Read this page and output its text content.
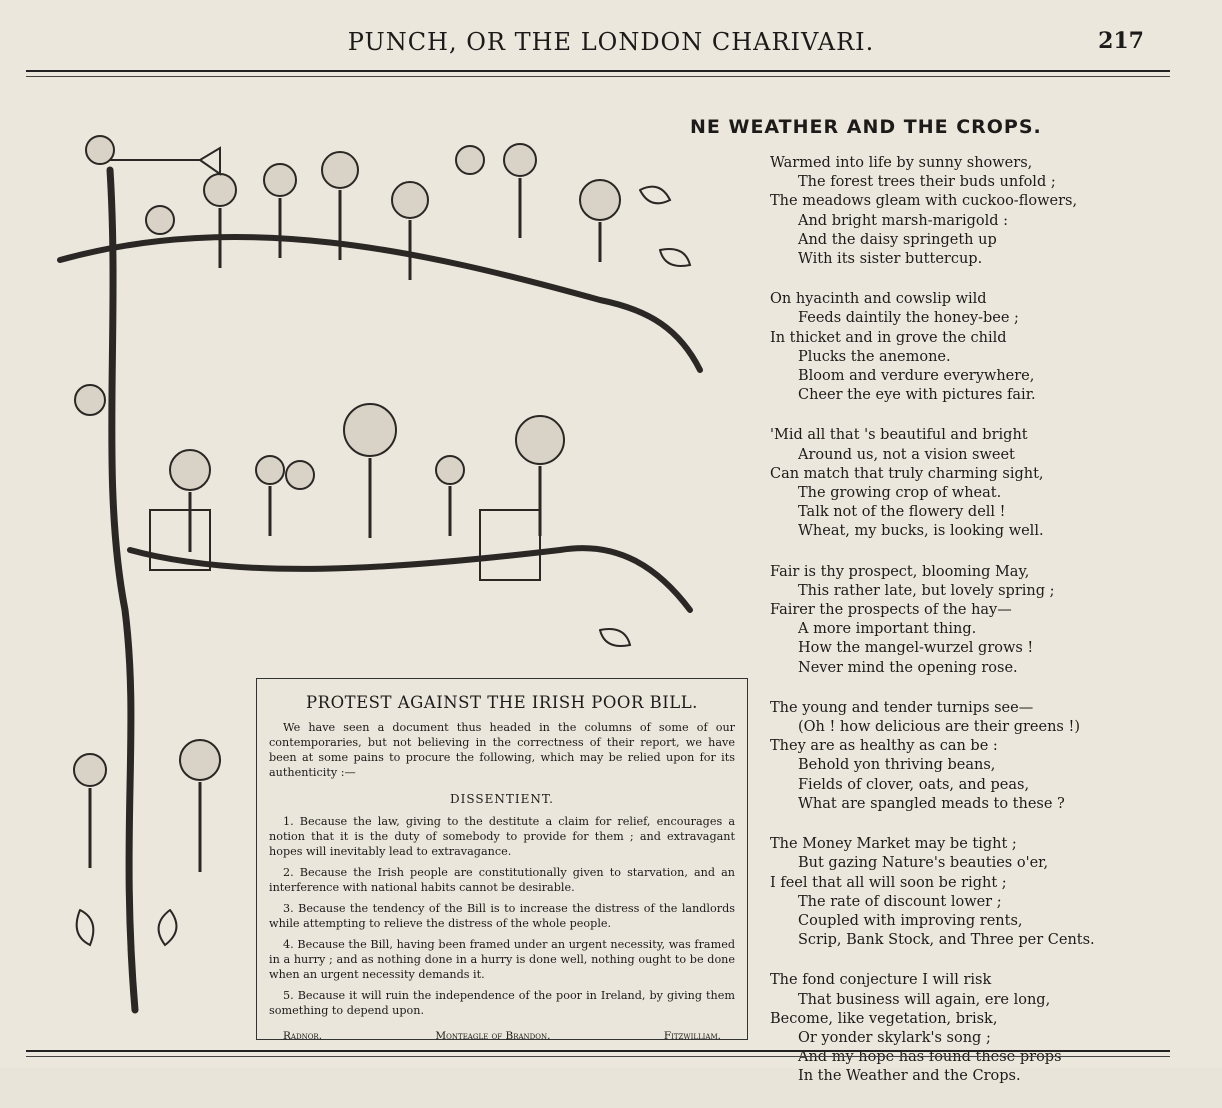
PUNCH, OR THE LONDON CHARIVARI.	217
NE WEATHER AND THE CROPS.
Warmed into life by sunny showers,
The forest trees their buds unfold ;
The meadows gleam with cuckoo-flowers,
And bright marsh-marigold :
And the daisy springeth up
With its sister buttercup.
On hyacinth and cowslip wild
Feeds daintily the honey-bee ;
In thicket and in grove the child
Plucks the anemone.
Bloom and verdure everywhere,
Cheer the eye with pictures fair.
'Mid all that 's beautiful and bright
Around us, not a vision sweet
Can match that truly charming sight,
The growing crop of wheat.
Talk not of the flowery dell !
Wheat, my bucks, is looking well.
Fair is thy prospect, blooming May,
This rather late, but lovely spring ;
Fairer the prospects of the hay—
A more important thing.
How the mangel-wurzel grows !
Never mind the opening rose.
The young and tender turnips see—
(Oh ! how delicious are their greens !)
They are as healthy as can be :
Behold yon thriving beans,
Fields of clover, oats, and peas,
What are spangled meads to these ?
The Money Market may be tight ;
But gazing Nature's beauties o'er,
I feel that all will soon be right ;
The rate of discount lower ;
Coupled with improving rents,
Scrip, Bank Stock, and Three per Cents.
The fond conjecture I will risk
That business will again, ere long,
Become, like vegetation, brisk,
Or yonder skylark's song ;
And my hope has found these props
In the Weather and the Crops.
PROTEST AGAINST THE IRISH POOR BILL.
We have seen a document thus headed in the columns of some of our contemporaries, but not believing in the correctness of their report, we have been at some pains to procure the following, which may be relied upon for its authenticity :—
DISSENTIENT.
1. Because the law, giving to the destitute a claim for relief, encourages a notion that it is the duty of somebody to provide for them ; and extravagant hopes will inevitably lead to extravagance.
2. Because the Irish people are constitutionally given to starvation, and an interference with national habits cannot be desirable.
3. Because the tendency of the Bill is to increase the distress of the landlords while attempting to relieve the distress of the whole people.
4. Because the Bill, having been framed under an urgent necessity, was framed in a hurry ; and as nothing done in a hurry is done well, nothing ought to be done when an urgent necessity demands it.
5. Because it will ruin the independence of the poor in Ireland, by giving them something to depend upon.
Radnor.	Monteagle of Brandon.	Fitzwilliam.
